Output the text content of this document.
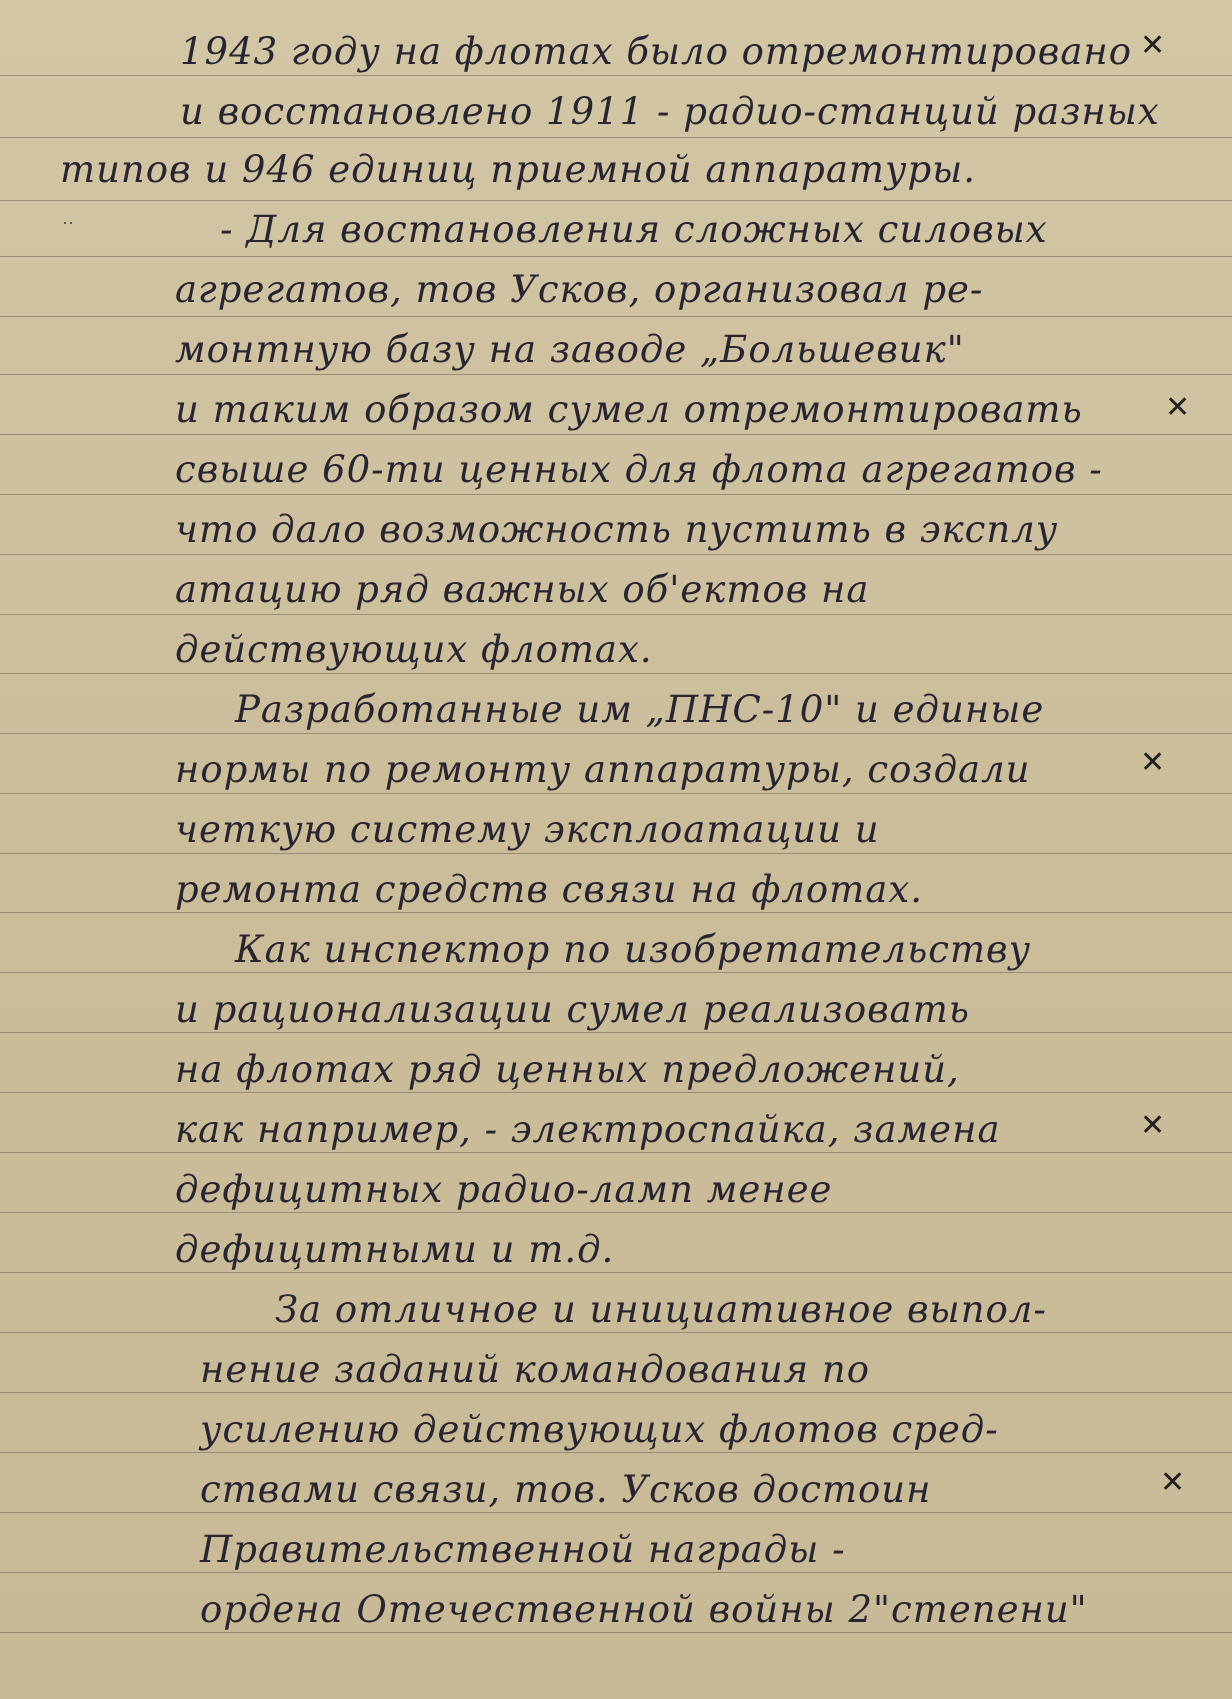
1943 году на флотах было отремонтировано
и восстановлено 1911 - радио-станций разных
типов и 946 единиц приемной аппаратуры.
- Для востановления сложных силовых
агрегатов, тов Усков, организовал ре-
монтную базу на заводе „Большевик"
и таким образом сумел отремонтировать
свыше 60-ти ценных для флота агрегатов -
что дало возможность пустить в эксплу
атацию ряд важных об'ектов на
действующих флотах.
Разработанные им „ПНС-10" и единые
нормы по ремонту аппаратуры, создали
четкую систему эксплоатации и
ремонта средств связи на флотах.
Как инспектор по изобретательству
и рационализации сумел реализовать
на флотах ряд ценных предложений,
как например, - электроспайка, замена
дефицитных радио-ламп менее
дефицитными и т.д.
За отличное и инициативное выпол-
нение заданий командования по
усилению действующих флотов сред-
ствами связи, тов. Усков достоин
Правительственной награды -
ордена Отечественной войны 2"степени"
✕
✕
✕
✕
✕
··
